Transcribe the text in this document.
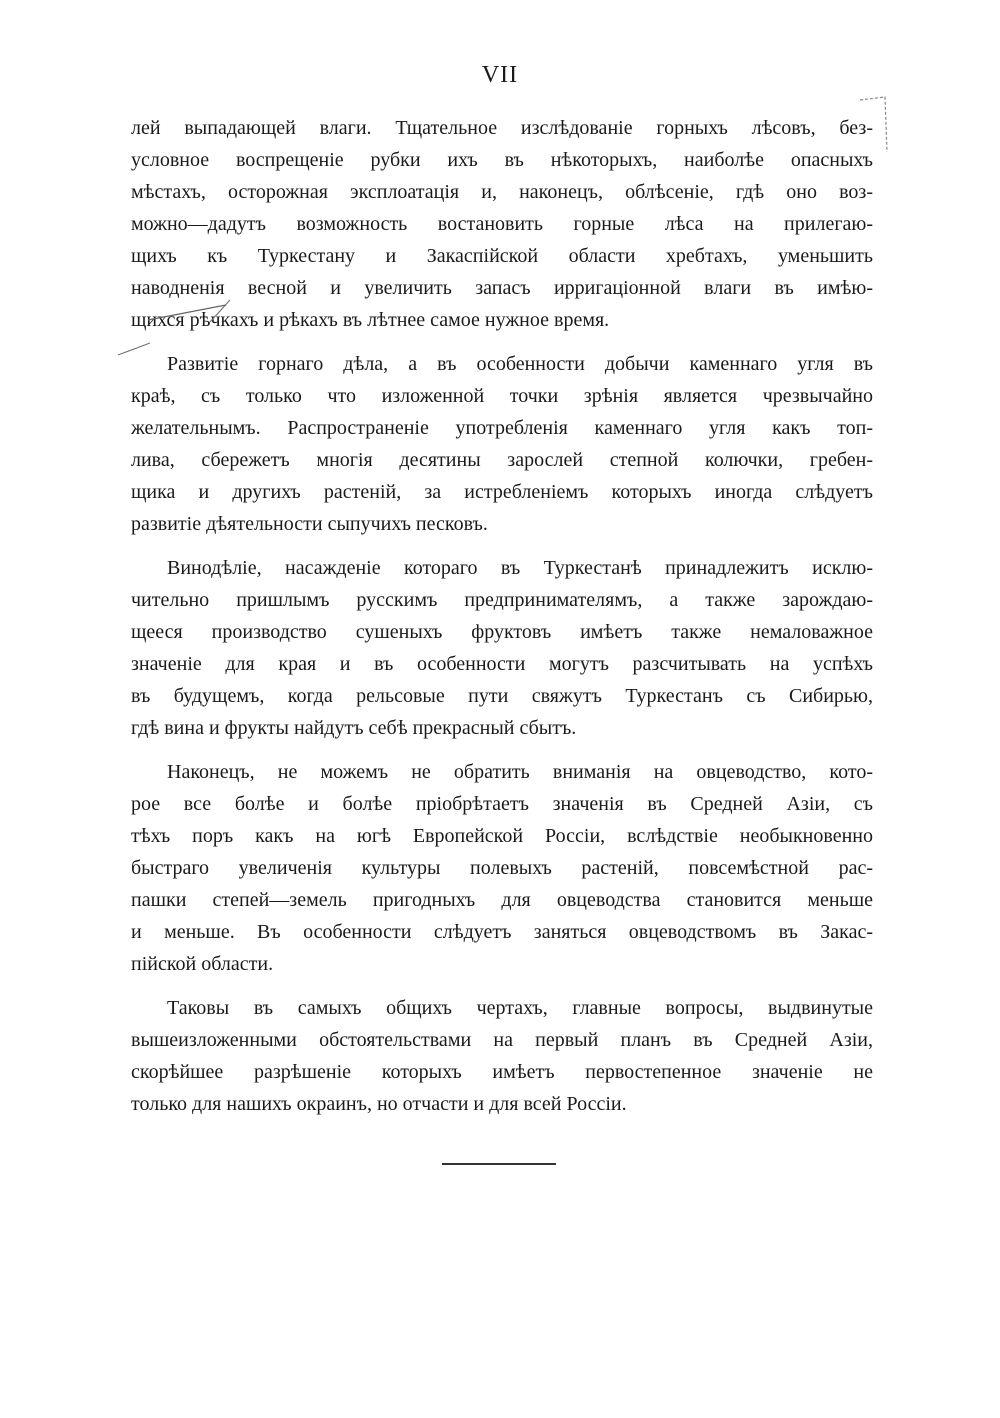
VII
лей выпадающей влаги. Тщательное изслѣдованіе горныхъ лѣсовъ, без-
условное воспрещеніе рубки ихъ въ нѣкоторыхъ, наиболѣе опасныхъ
мѣстахъ, осторожная эксплоатація и, наконецъ, облѣсеніе, гдѣ оно воз-
можно—дадутъ возможность востановить горные лѣса на прилегаю-
щихъ къ Туркестану и Закаспійской области хребтахъ, уменьшить
наводненія весной и увеличить запасъ ирригаціонной влаги въ имѣю-
щихся рѣчкахъ и рѣкахъ въ лѣтнее самое нужное время.
Развитіе горнаго дѣла, а въ особенности добычи каменнаго угля въ
краѣ, съ только что изложенной точки зрѣнія является чрезвычайно
желательнымъ. Распространеніе употребленія каменнаго угля какъ топ-
лива, сбережетъ многія десятины зарослей степной колючки, гребен-
щика и другихъ растеній, за истребленіемъ которыхъ иногда слѣдуетъ
развитіе дѣятельности сыпучихъ песковъ.
Винодѣліе, насажденіе котораго въ Туркестанѣ принадлежитъ исклю-
чительно пришлымъ русскимъ предпринимателямъ, а также зарождаю-
щееся производство сушеныхъ фруктовъ имѣетъ также немаловажное
значеніе для края и въ особенности могутъ разсчитывать на успѣхъ
въ будущемъ, когда рельсовые пути свяжутъ Туркестанъ съ Сибирью,
гдѣ вина и фрукты найдутъ себѣ прекрасный сбытъ.
Наконецъ, не можемъ не обратить вниманія на овцеводство, кото-
рое все болѣе и болѣе пріобрѣтаетъ значенія въ Средней Азіи, съ
тѣхъ поръ какъ на югѣ Европейской Россіи, вслѣдствіе необыкновенно
быстраго увеличенія культуры полевыхъ растеній, повсемѣстной рас-
пашки степей—земель пригодныхъ для овцеводства становится меньше
и меньше. Въ особенности слѣдуетъ заняться овцеводствомъ въ Закас-
пійской области.
Таковы въ самыхъ общихъ чертахъ, главные вопросы, выдвинутые
вышеизложенными обстоятельствами на первый планъ въ Средней Азіи,
скорѣйшее разрѣшеніе которыхъ имѣетъ первостепенное значеніе не
только для нашихъ окраинъ, но отчасти и для всей Россіи.
